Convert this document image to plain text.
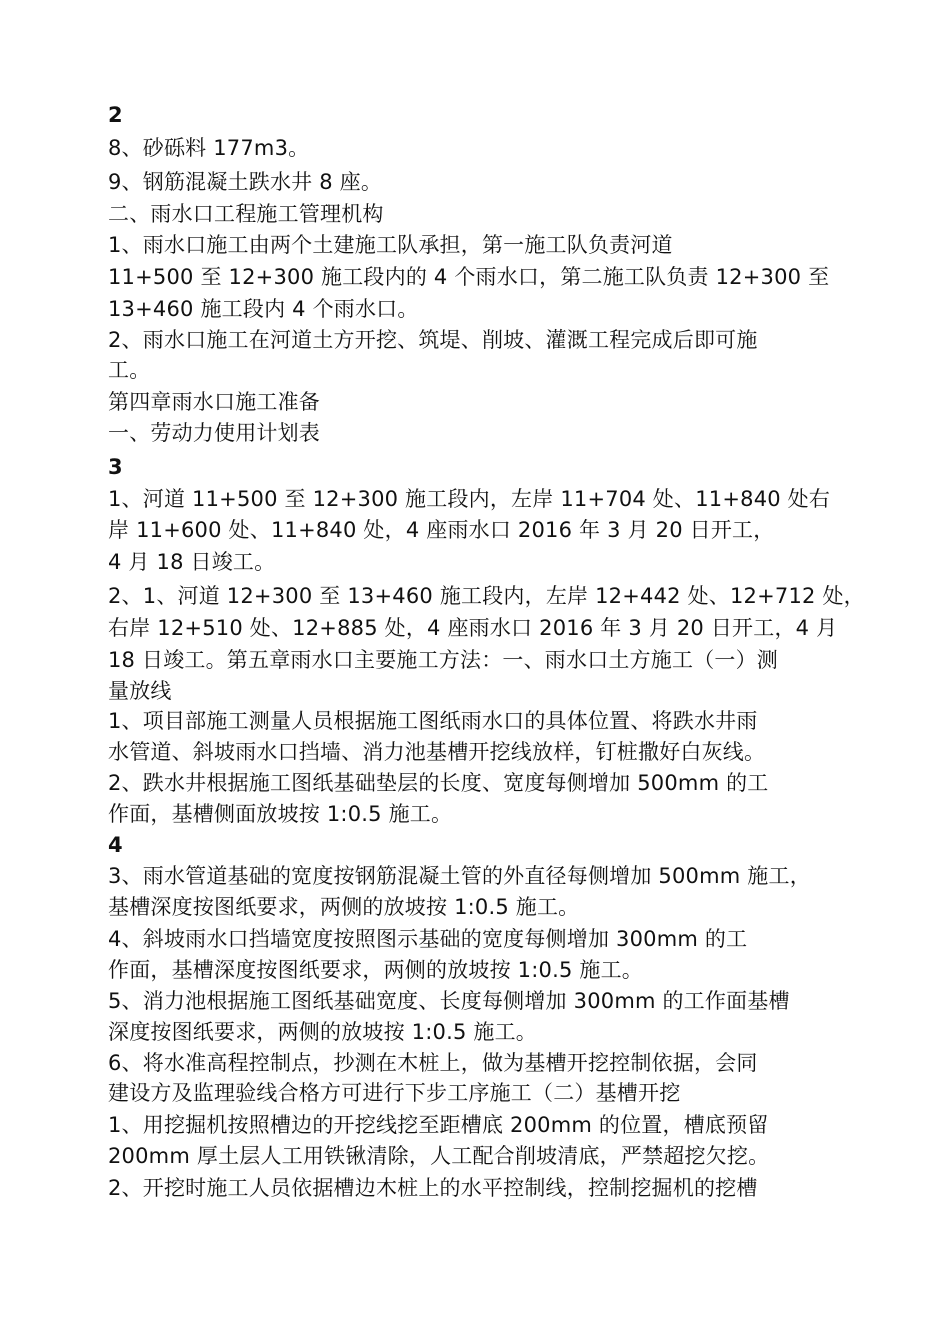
2
8、砂砾料 177m3。
9、钢筋混凝土跌水井 8 座。
二、雨水口工程施工管理机构
1、雨水口施工由两个土建施工队承担，第一施工队负责河道
11+500 至 12+300 施工段内的 4 个雨水口，第二施工队负责 12+300 至
13+460 施工段内 4 个雨水口。
2、雨水口施工在河道土方开挖、筑堤、削坡、灌溉工程完成后即可施
工。
第四章雨水口施工准备
一、劳动力使用计划表
3
1、河道 11+500 至 12+300 施工段内，左岸 11+704 处、11+840 处右
岸 11+600 处、11+840 处，4 座雨水口 2016 年 3 月 20 日开工，
4 月 18 日竣工。
2、1、河道 12+300 至 13+460 施工段内，左岸 12+442 处、12+712 处，
右岸 12+510 处、12+885 处，4 座雨水口 2016 年 3 月 20 日开工，4 月
18 日竣工。第五章雨水口主要施工方法：一、雨水口土方施工（一）测
量放线
1、项目部施工测量人员根据施工图纸雨水口的具体位置、将跌水井雨
水管道、斜坡雨水口挡墙、消力池基槽开挖线放样，钉桩撒好白灰线。
2、跌水井根据施工图纸基础垫层的长度、宽度每侧增加 500mm 的工
作面，基槽侧面放坡按 1:0.5 施工。
4
3、雨水管道基础的宽度按钢筋混凝土管的外直径每侧增加 500mm 施工，
基槽深度按图纸要求，两侧的放坡按 1:0.5 施工。
4、斜坡雨水口挡墙宽度按照图示基础的宽度每侧增加 300mm 的工
作面，基槽深度按图纸要求，两侧的放坡按 1:0.5 施工。
5、消力池根据施工图纸基础宽度、长度每侧增加 300mm 的工作面基槽
深度按图纸要求，两侧的放坡按 1:0.5 施工。
6、将水准高程控制点，抄测在木桩上，做为基槽开挖控制依据，会同
建设方及监理验线合格方可进行下步工序施工（二）基槽开挖
1、用挖掘机按照槽边的开挖线挖至距槽底 200mm 的位置，槽底预留
200mm 厚土层人工用铁锹清除，人工配合削坡清底，严禁超挖欠挖。
2、开挖时施工人员依据槽边木桩上的水平控制线，控制挖掘机的挖槽
